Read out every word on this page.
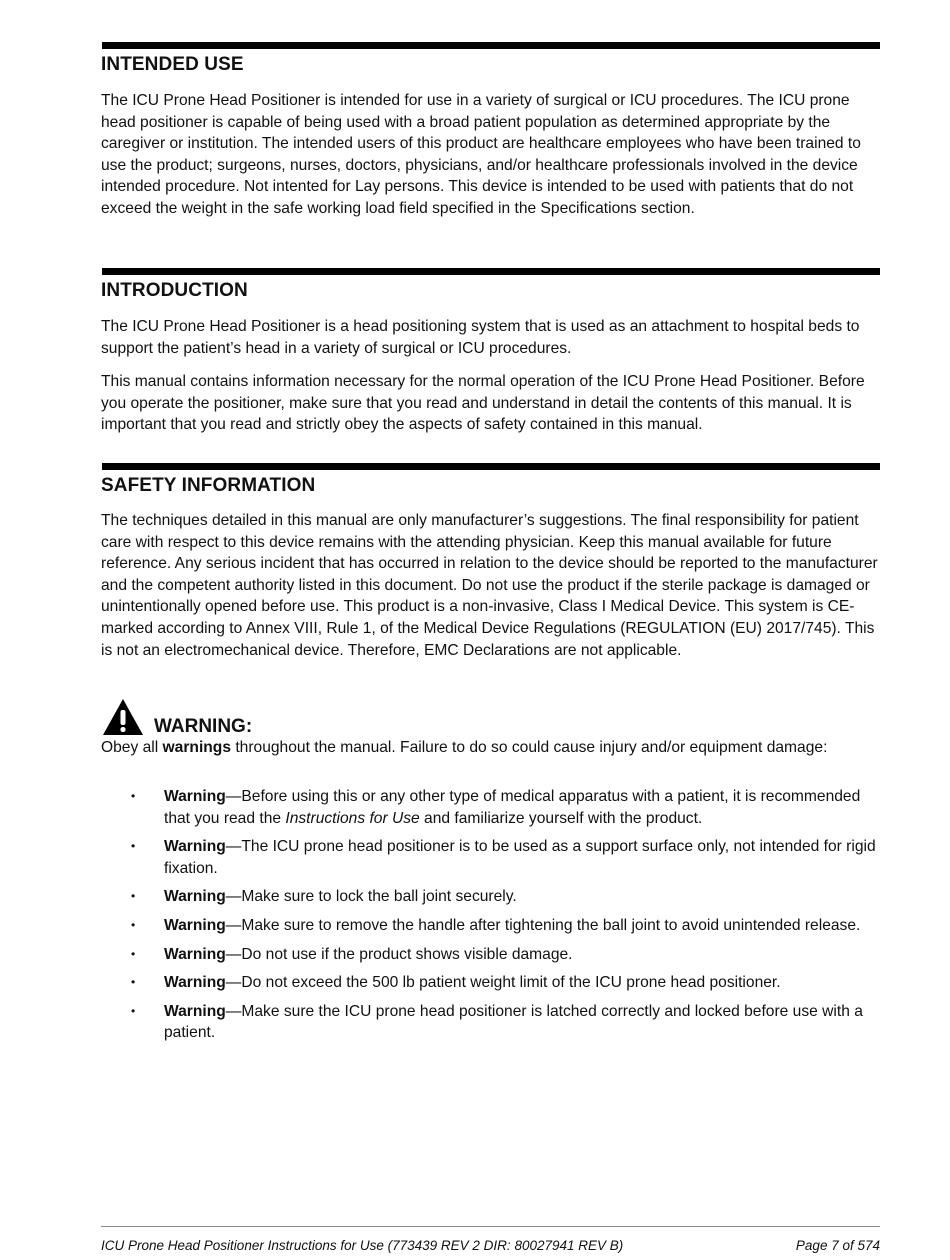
INTENDED USE

The ICU Prone Head Positioner is intended for use in a variety of surgical or ICU procedures. The ICU prone head positioner is capable of being used with a broad patient population as determined appropriate by the caregiver or institution. The intended users of this product are healthcare employees who have been trained to use the product; surgeons, nurses, doctors, physicians, and/or healthcare professionals involved in the device intended procedure. Not intented for Lay persons. This device is intended to be used with patients that do not exceed the weight in the safe working load field specified in the Specifications section.

INTRODUCTION

The ICU Prone Head Positioner is a head positioning system that is used as an attachment to hospital beds to support the patient’s head in a variety of surgical or ICU procedures.

This manual contains information necessary for the normal operation of the ICU Prone Head Positioner. Before you operate the positioner, make sure that you read and understand in detail the contents of this manual. It is important that you read and strictly obey the aspects of safety contained in this manual.

SAFETY INFORMATION

The techniques detailed in this manual are only manufacturer’s suggestions. The final responsibility for patient care with respect to this device remains with the attending physician. Keep this manual available for future reference. Any serious incident that has occurred in relation to the device should be reported to the manufacturer and the competent authority listed in this document. Do not use the product if the sterile package is damaged or unintentionally opened before use. This product is a non-invasive, Class I Medical Device. This system is CE-marked according to Annex VIII, Rule 1, of the Medical Device Regulations (REGULATION (EU) 2017/745). This is not an electromechanical device. Therefore, EMC Declarations are not applicable.

WARNING:

Obey all warnings throughout the manual. Failure to do so could cause injury and/or equipment damage:

• Warning—Before using this or any other type of medical apparatus with a patient, it is recommended that you read the Instructions for Use and familiarize yourself with the product.
• Warning—The ICU prone head positioner is to be used as a support surface only, not intended for rigid fixation.
• Warning—Make sure to lock the ball joint securely.
• Warning—Make sure to remove the handle after tightening the ball joint to avoid unintended release.
• Warning—Do not use if the product shows visible damage.
• Warning—Do not exceed the 500 lb patient weight limit of the ICU prone head positioner.
• Warning—Make sure the ICU prone head positioner is latched correctly and locked before use with a patient.
ICU Prone Head Positioner Instructions for Use (773439 REV 2 DIR: 80027941 REV B)	Page 7 of 574
